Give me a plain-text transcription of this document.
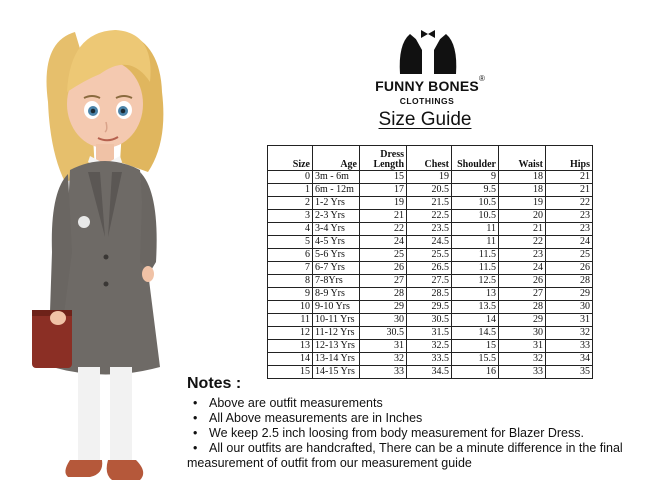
FUNNY BONES ®
CLOTHINGS
Size Guide
Size	Age	Dress Length	Chest	Shoulder	Waist	Hips
0	3m - 6m	15	19	9	18	21
1	6m - 12m	17	20.5	9.5	18	21
2	1-2 Yrs	19	21.5	10.5	19	22
3	2-3 Yrs	21	22.5	10.5	20	23
4	3-4 Yrs	22	23.5	11	21	23
5	4-5 Yrs	24	24.5	11	22	24
6	5-6 Yrs	25	25.5	11.5	23	25
7	6-7 Yrs	26	26.5	11.5	24	26
8	7-8Yrs	27	27.5	12.5	26	28
9	8-9 Yrs	28	28.5	13	27	29
10	9-10 Yrs	29	29.5	13.5	28	30
11	10-11 Yrs	30	30.5	14	29	31
12	11-12 Yrs	30.5	31.5	14.5	30	32
13	12-13 Yrs	31	32.5	15	31	33
14	13-14 Yrs	32	33.5	15.5	32	34
15	14-15 Yrs	33	34.5	16	33	35
Notes :
• Above are outfit measurements
• All Above measurements are in Inches
• We keep 2.5 inch loosing from body measurement for Blazer Dress.
• All our outfits are handcrafted, There can be a minute difference in the final measurement of outfit from our measurement guide
